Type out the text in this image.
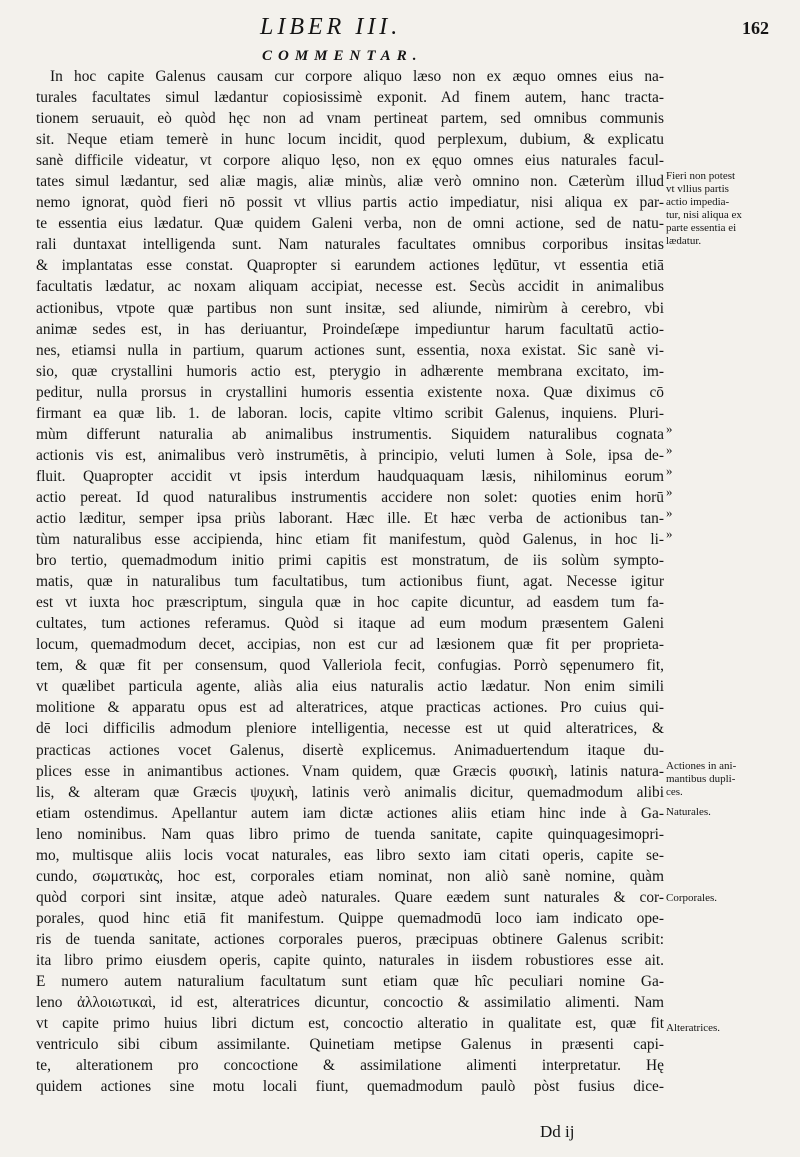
LIBER III.	162
COMMENTAR.
In hoc capite Galenus causam cur corpore aliquo læso non ex æquo omnes eius na-
turales facultates simul lædantur copiosissimè exponit. Ad finem autem, hanc tracta-
tionem seruauit, eò quòd hęc non ad vnam pertineat partem, sed omnibus communis
sit. Neque etiam temerè in hunc locum incidit, quod perplexum, dubium, & explicatu
sanè difficile videatur, vt corpore aliquo lęso, non ex ęquo omnes eius naturales facul-
tates simul lædantur, sed aliæ magis, aliæ minùs, aliæ verò omnino non. Cæterùm illud
nemo ignorat, quòd fieri nō possit vt vllius partis actio impediatur, nisi aliqua ex par-
te essentia eius lædatur. Quæ quidem Galeni verba, non de omni actione, sed de natu-
rali duntaxat intelligenda sunt. Nam naturales facultates omnibus corporibus insitas
& implantatas esse constat. Quapropter si earundem actiones lędūtur, vt essentia etiā
facultatis lædatur, ac noxam aliquam accipiat, necesse est. Secùs accidit in animalibus
actionibus, vtpote quæ partibus non sunt insitæ, sed aliunde, nimirùm à cerebro, vbi
animæ sedes est, in has deriuantur, Proindeſæpe impediuntur harum facultatū actio-
nes, etiamsi nulla in partium, quarum actiones sunt, essentia, noxa existat. Sic sanè vi-
sio, quæ crystallini humoris actio est, pterygio in adhærente membrana excitato, im-
peditur, nulla prorsus in crystallini humoris essentia existente noxa. Quæ diximus cō
firmant ea quæ lib. 1. de laboran. locis, capite vltimo scribit Galenus, inquiens. Pluri-
mùm differunt naturalia ab animalibus instrumentis. Siquidem naturalibus cognata
actionis vis est, animalibus verò instrumētis, à principio, veluti lumen à Sole, ipsa de-
fluit. Quapropter accidit vt ipsis interdum haudquaquam læsis, nihilominus eorum
actio pereat. Id quod naturalibus instrumentis accidere non solet: quoties enim horū
actio læditur, semper ipsa priùs laborant. Hæc ille. Et hæc verba de actionibus tan-
tùm naturalibus esse accipienda, hinc etiam fit manifestum, quòd Galenus, in hoc li-
bro tertio, quemadmodum initio primi capitis est monstratum, de iis solùm sympto-
matis, quæ in naturalibus tum facultatibus, tum actionibus fiunt, agat. Necesse igitur
est vt iuxta hoc præscriptum, singula quæ in hoc capite dicuntur, ad easdem tum fa-
cultates, tum actiones referamus. Quòd si itaque ad eum modum præsentem Galeni
locum, quemadmodum decet, accipias, non est cur ad læsionem quæ fit per proprieta-
tem, & quæ fit per consensum, quod Valleriola fecit, confugias. Porrò sępenumero fit,
vt quælibet particula agente, aliàs alia eius naturalis actio lædatur. Non enim simili
molitione & apparatu opus est ad alteratrices, atque practicas actiones. Pro cuius qui-
dē loci difficilis admodum pleniore intelligentia, necesse est ut quid alteratrices, &
practicas actiones vocet Galenus, disertè explicemus. Animaduertendum itaque du-
plices esse in animantibus actiones. Vnam quidem, quæ Græcis φυσικὴ, latinis natura-
lis, & alteram quæ Græcis ψυχικὴ, latinis verò animalis dicitur, quemadmodum alibi
etiam ostendimus. Apellantur autem iam dictæ actiones aliis etiam hinc inde à Ga-
leno nominibus. Nam quas libro primo de tuenda sanitate, capite quinquagesimopri-
mo, multisque aliis locis vocat naturales, eas libro sexto iam citati operis, capite se-
cundo, σωματικὰς, hoc est, corporales etiam nominat, non aliò sanè nomine, quàm
quòd corpori sint insitæ, atque adeò naturales. Quare eædem sunt naturales & cor-
porales, quod hinc etiā fit manifestum. Quippe quemadmodū loco iam indicato ope-
ris de tuenda sanitate, actiones corporales pueros, præcipuas obtinere Galenus scribit:
ita libro primo eiusdem operis, capite quinto, naturales in iisdem robustiores esse ait.
E numero autem naturalium facultatum sunt etiam quæ hîc peculiari nomine Ga-
leno ἀλλοιωτικαὶ, id est, alteratrices dicuntur, concoctio & assimilatio alimenti. Nam
vt capite primo huius libri dictum est, concoctio alteratio in qualitate est, quæ fit
ventriculo sibi cibum assimilante. Quinetiam metipse Galenus in præsenti capi-
te, alterationem pro concoctione & assimilatione alimenti interpretatur. Hę
quidem actiones sine motu locali fiunt, quemadmodum paulò pòst fusius dice-
Fieri non potest
vt vllius partis
actio impedia-
tur, nisi aliqua ex
parte essentia ei
lædatur.
Actiones in ani-
mantibus dupli-
ces.
Naturales.
Corporales.
Alteratrices.
»
»
»
»
»
»
Dd ij
